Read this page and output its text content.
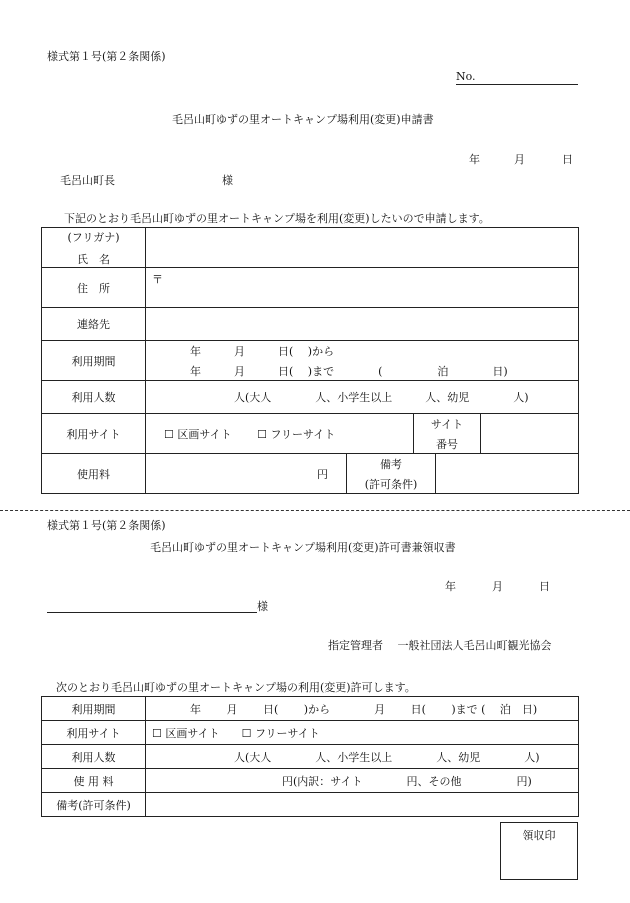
様式第１号(第２条関係)
No.
毛呂山町ゆずの里オートキャンプ場利用(変更)申請書
年	月	日
毛呂山町長	様
下記のとおり毛呂山町ゆずの里オートキャンプ場を利用(変更)したいので申請します。
(フリガナ)
氏　名					

住　所	〒				
連絡先					
利用期間	年　　　月　　　日(　 )から
年　　　月　　　日(　 )まで　　　　(　　　　　泊　　　　日)				

利用人数	人(大人　　　　人、小学生以上　　　人、幼児　　　　人)				
利用サイト	☐ 区画サイト ☐ フリーサイト		サイト
番号		

使用料	円	備考
(許可条件)			

様式第１号(第２条関係)
毛呂山町ゆずの里オートキャンプ場利用(変更)許可書兼領収書
年	月	日
様
指定管理者　 一般社団法人毛呂山町観光協会
次のとおり毛呂山町ゆずの里オートキャンプ場の利用(変更)許可します。
利用期間	年　　 月　　 日(　　 )から　　　　月　　 日(　　 )まで (　 泊　日)
利用サイト	☐ 区画サイト　　☐ フリーサイト
利用人数	人(大人　　　　人、小学生以上　　　　人、幼児　　　　人)
使 用 料	円(内訳：サイト　　　　円、その他　　　　　円)
備考(許可条件)	
領収印
